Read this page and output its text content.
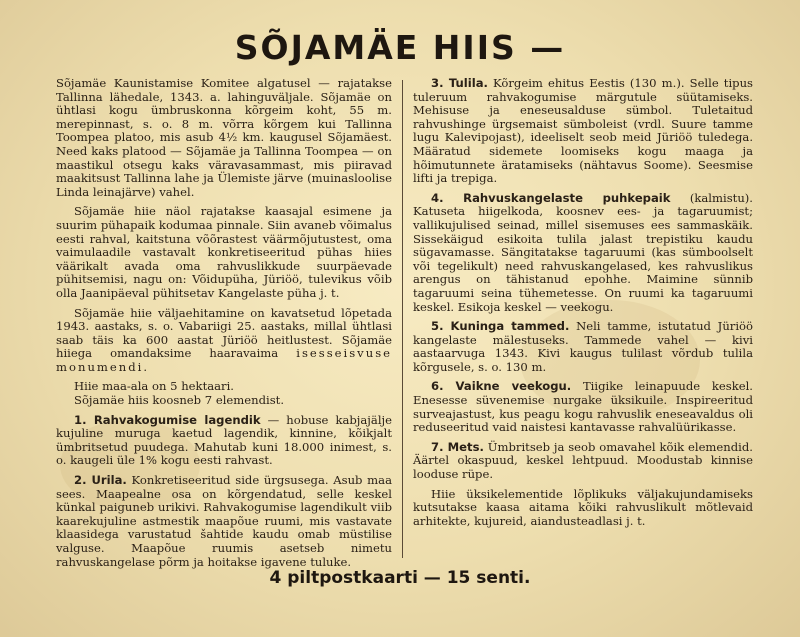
SÕJAMÄE HIIS —

Sõjamäe Kaunistamise Komitee algatusel — rajatakse Tallinna lähedale, 1343. a. lahinguväljale. Sõjamäe on ühtlasi kogu ümbruskonna kõrgeim koht, 55 m. merepinnast, s. o. 8 m. võrra kõrgem kui Tallinna Toompea platoo, mis asub 4½ km. kaugusel Sõjamäest. Need kaks platood — Sõjamäe ja Tallinna Toompea — on maastikul otsegu kaks väravasammast, mis piiravad maakitsust Tallinna lahe ja Ülemiste järve (muinasloolise Linda leinajärve) vahel.

Sõjamäe hiie näol rajatakse kaasajal esimene ja suurim pühapaik kodumaa pinnale. Siin avaneb võimalus eesti rahval, kaitstuna võõrastest väärmõjutustest, oma vaimulaadile vastavalt konkretiseeritud pühas hiies väärikalt avada oma rahvuslikkude suurpäevade pühitsemisi, nagu on: Võidupüha, Jüriöö, tulevikus võib olla Jaanipäeval pühitsetav Kangelaste püha j. t.

Sõjamäe hiie väljaehitamine on kavatsetud lõpetada 1943. aastaks, s. o. Vabariigi 25. aastaks, millal ühtlasi saab täis ka 600 aastat Jüriöö heitlustest. Sõjamäe hiiega omandaksime haaravaima isesseisvuse monumendi.

Hiie maa-ala on 5 hektaari.

Sõjamäe hiis koosneb 7 elemendist.

1. Rahvakogumise lagendik — hobuse kabjajälje kujuline muruga kaetud lagendik, kinnine, kõikjalt ümbritsetud puudega. Mahutab kuni 18.000 inimest, s. o. kaugeli üle 1% kogu eesti rahvast.

2. Urila. Konkretiseeritud side ürgsusega. Asub maa sees. Maapealne osa on kõrgendatud, selle keskel künkal paiguneb urikivi. Rahvakogumise lagendikult viib kaarekujuline astmestik maapõue ruumi, mis vastavate klaasidega varustatud šahtide kaudu omab müstilise valguse. Maapõue ruumis asetseb nimetu rahvuskangelase põrm ja hoitakse igavene tuluke.

3. Tulila. Kõrgeim ehitus Eestis (130 m.). Selle tipus tuleruum rahvakogumise märgutule süütamiseks. Mehisuse ja eneseusalduse sümbol. Tuletaitud rahvushinge ürgsemaist sümboleist (vrdl. Suure tamme lugu Kalevipojast), ideeliselt seob meid Jüriöö tuledega. Määratud sidemete loomiseks kogu maaga ja hõimutunnete äratamiseks (nähtavus Soome). Seesmise lifti ja trepiga.

4. Rahvuskangelaste puhkepaik (kalmistu). Katuseta hiigelkoda, koosnev ees- ja tagaruumist; vallikujulised seinad, millel sisemuses ees sammaskäik. Sissekäigud esikoita tulila jalast trepistiku kaudu sügavamasse. Sängitatakse tagaruumi (kas sümboolselt või tegelikult) need rahvuskangelased, kes rahvuslikus arengus on tähistanud epohhe. Maimine sünnib tagaruumi seina tühemetesse. On ruumi ka tagaruumi keskel. Esikoja keskel — veekogu.

5. Kuninga tammed. Neli tamme, istutatud Jüriöö kangelaste mälestuseks. Tammede vahel — kivi aastaarvuga 1343. Kivi kaugus tulilast võrdub tulila kõrgusele, s. o. 130 m.

6. Vaikne veekogu. Tiigike leinapuude keskel. Enesesse süvenemise nurgake üksikuile. Inspireeritud surveajastust, kus peagu kogu rahvuslik eneseavaldus oli reduseeritud vaid naistesi kantavasse rahvalüürikasse.

7. Mets. Ümbritseb ja seob omavahel kõik elemendid. Äärtel okaspuud, keskel lehtpuud. Moodustab kinnise looduse rüpe.

Hiie üksikelementide lõplikuks väljakujundamiseks kutsutakse kaasa aitama kõiki rahvuslikult mõtlevaid arhitekte, kujureid, aiandusteadlasi j. t.

4 piltpostkaarti — 15 senti.
